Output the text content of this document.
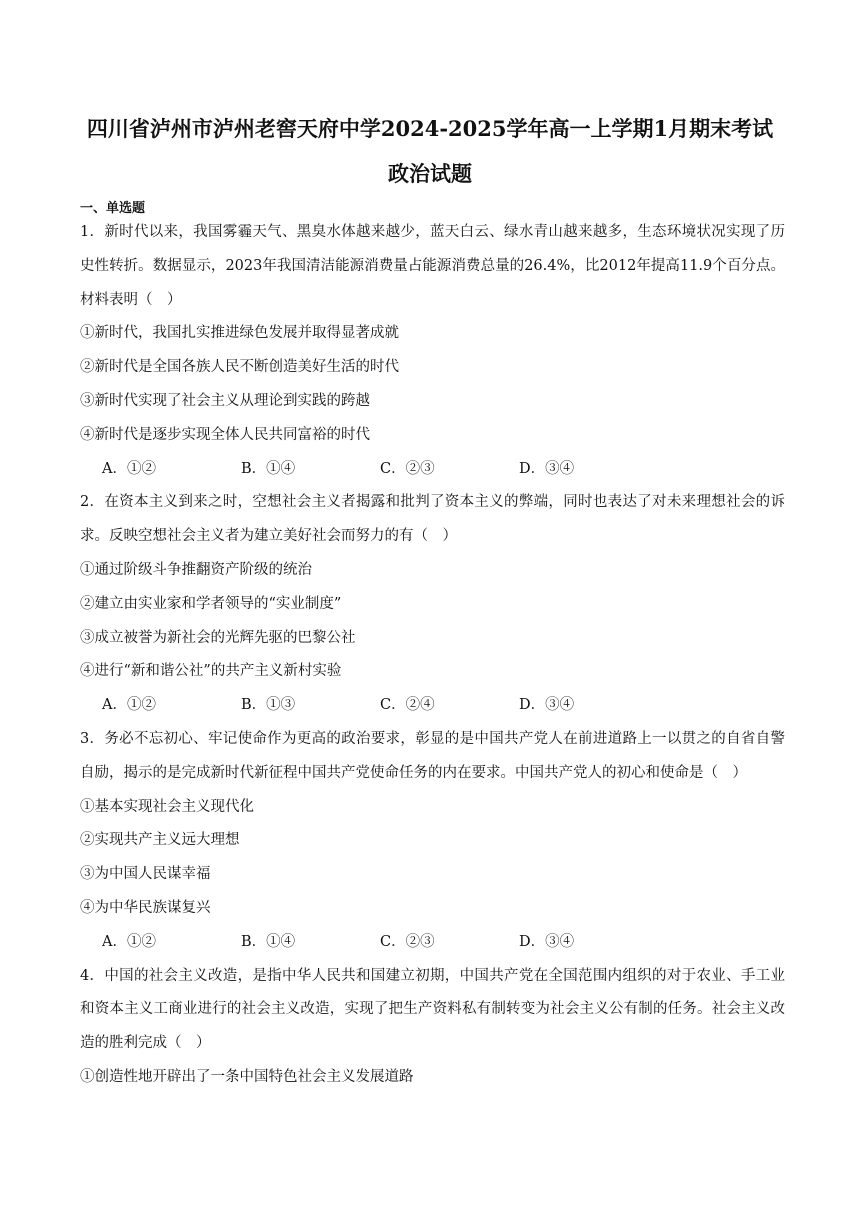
四川省泸州市泸州老窖天府中学2024-2025学年高一上学期1月期末考试
政治试题
一、单选题

1．新时代以来，我国雾霾天气、黑臭水体越来越少，蓝天白云、绿水青山越来越多，生态环境状况实现了历史性转折。数据显示，2023年我国清洁能源消费量占能源消费总量的26.4%，比2012年提高11.9个百分点。材料表明（　）

①新时代，我国扎实推进绿色发展并取得显著成就

②新时代是全国各族人民不断创造美好生活的时代

③新时代实现了社会主义从理论到实践的跨越

④新时代是逐步实现全体人民共同富裕的时代

A．①②	B．①④	C．②③	D．③④

2．在资本主义到来之时，空想社会主义者揭露和批判了资本主义的弊端，同时也表达了对未来理想社会的诉求。反映空想社会主义者为建立美好社会而努力的有（　）

①通过阶级斗争推翻资产阶级的统治

②建立由实业家和学者领导的“实业制度”

③成立被誉为新社会的光辉先驱的巴黎公社

④进行“新和谐公社”的共产主义新村实验

A．①②	B．①③	C．②④	D．③④

3．务必不忘初心、牢记使命作为更高的政治要求，彰显的是中国共产党人在前进道路上一以贯之的自省自警自励，揭示的是完成新时代新征程中国共产党使命任务的内在要求。中国共产党人的初心和使命是（　）

①基本实现社会主义现代化

②实现共产主义远大理想

③为中国人民谋幸福

④为中华民族谋复兴

A．①②	B．①④	C．②③	D．③④

4．中国的社会主义改造，是指中华人民共和国建立初期，中国共产党在全国范围内组织的对于农业、手工业和资本主义工商业进行的社会主义改造，实现了把生产资料私有制转变为社会主义公有制的任务。社会主义改造的胜利完成（　）

①创造性地开辟出了一条中国特色社会主义发展道路
